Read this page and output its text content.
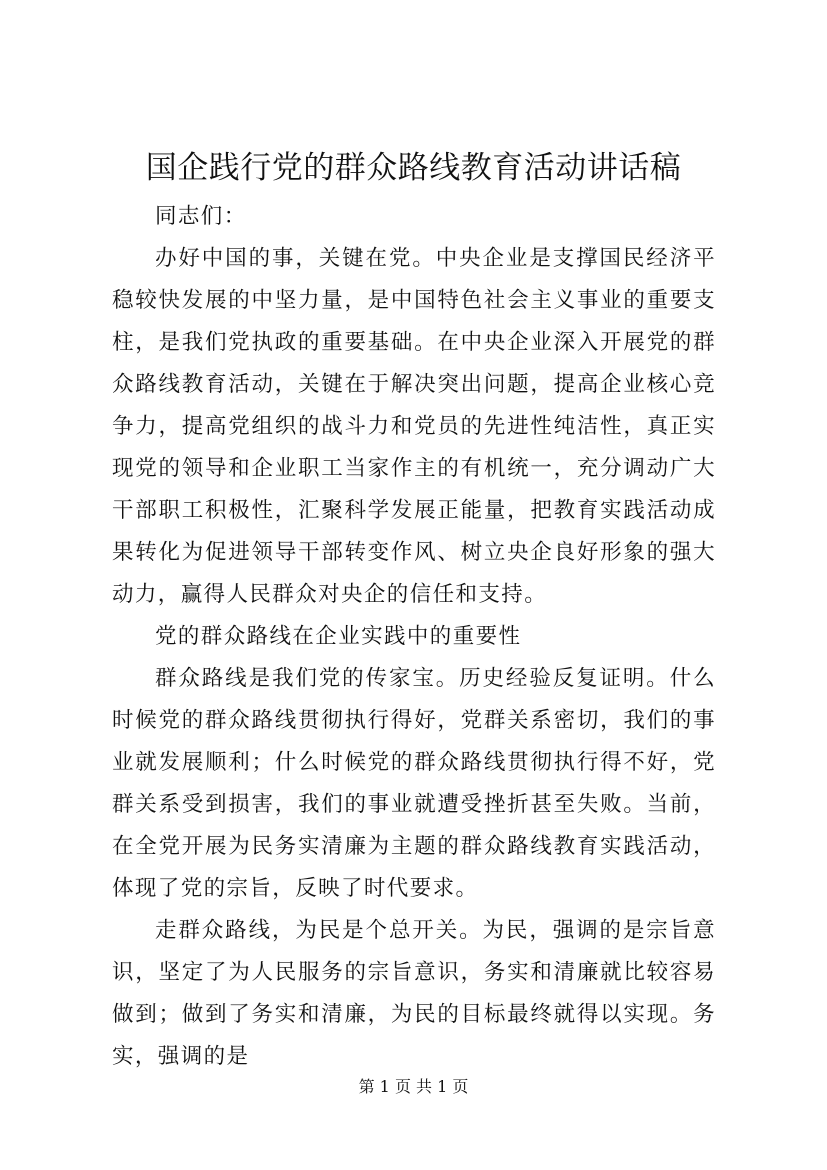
国企践行党的群众路线教育活动讲话稿

同志们：

办好中国的事，关键在党。中央企业是支撑国民经济平稳较快发展的中坚力量，是中国特色社会主义事业的重要支柱，是我们党执政的重要基础。在中央企业深入开展党的群众路线教育活动，关键在于解决突出问题，提高企业核心竞争力，提高党组织的战斗力和党员的先进性纯洁性，真正实现党的领导和企业职工当家作主的有机统一，充分调动广大干部职工积极性，汇聚科学发展正能量，把教育实践活动成果转化为促进领导干部转变作风、树立央企良好形象的强大动力，赢得人民群众对央企的信任和支持。

党的群众路线在企业实践中的重要性

群众路线是我们党的传家宝。历史经验反复证明。什么时候党的群众路线贯彻执行得好，党群关系密切，我们的事业就发展顺利；什么时候党的群众路线贯彻执行得不好，党群关系受到损害，我们的事业就遭受挫折甚至失败。当前，在全党开展为民务实清廉为主题的群众路线教育实践活动，体现了党的宗旨，反映了时代要求。

走群众路线，为民是个总开关。为民，强调的是宗旨意识，坚定了为人民服务的宗旨意识，务实和清廉就比较容易做到；做到了务实和清廉，为民的目标最终就得以实现。务实，强调的是

第 1 页 共 1 页
